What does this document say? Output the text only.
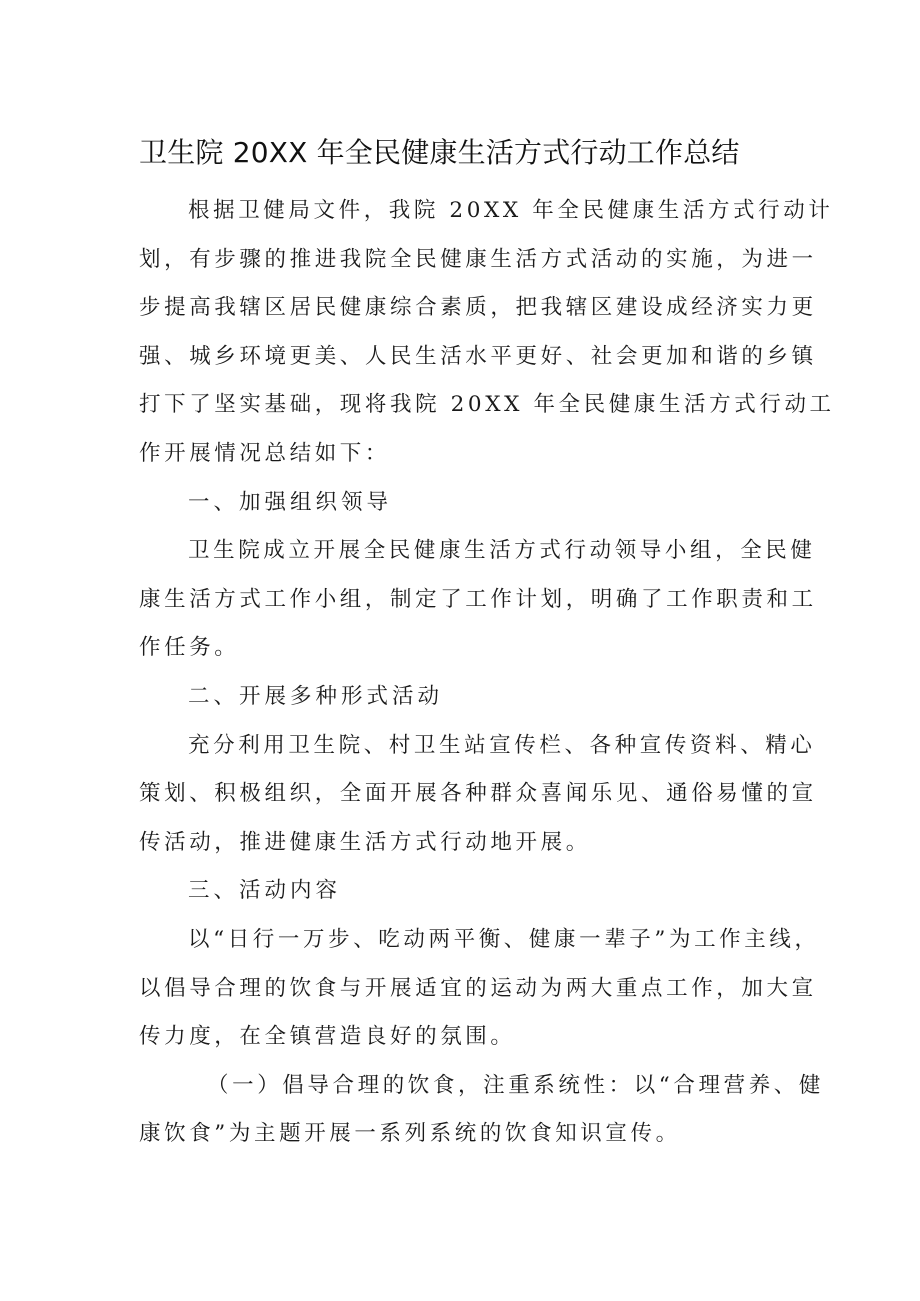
卫生院 20XX 年全民健康生活方式行动工作总结
根据卫健局文件，我院 20XX 年全民健康生活方式行动计
划，有步骤的推进我院全民健康生活方式活动的实施，为进一
步提高我辖区居民健康综合素质，把我辖区建设成经济实力更
强、城乡环境更美、人民生活水平更好、社会更加和谐的乡镇
打下了坚实基础，现将我院 20XX 年全民健康生活方式行动工
作开展情况总结如下：
一、加强组织领导
卫生院成立开展全民健康生活方式行动领导小组，全民健
康生活方式工作小组，制定了工作计划，明确了工作职责和工
作任务。
二、开展多种形式活动
充分利用卫生院、村卫生站宣传栏、各种宣传资料、精心
策划、积极组织，全面开展各种群众喜闻乐见、通俗易懂的宣
传活动，推进健康生活方式行动地开展。
三、活动内容
以“日行一万步、吃动两平衡、健康一辈子”为工作主线，
以倡导合理的饮食与开展适宜的运动为两大重点工作，加大宣
传力度，在全镇营造良好的氛围。
（一）倡导合理的饮食，注重系统性：以“合理营养、健
康饮食”为主题开展一系列系统的饮食知识宣传。
